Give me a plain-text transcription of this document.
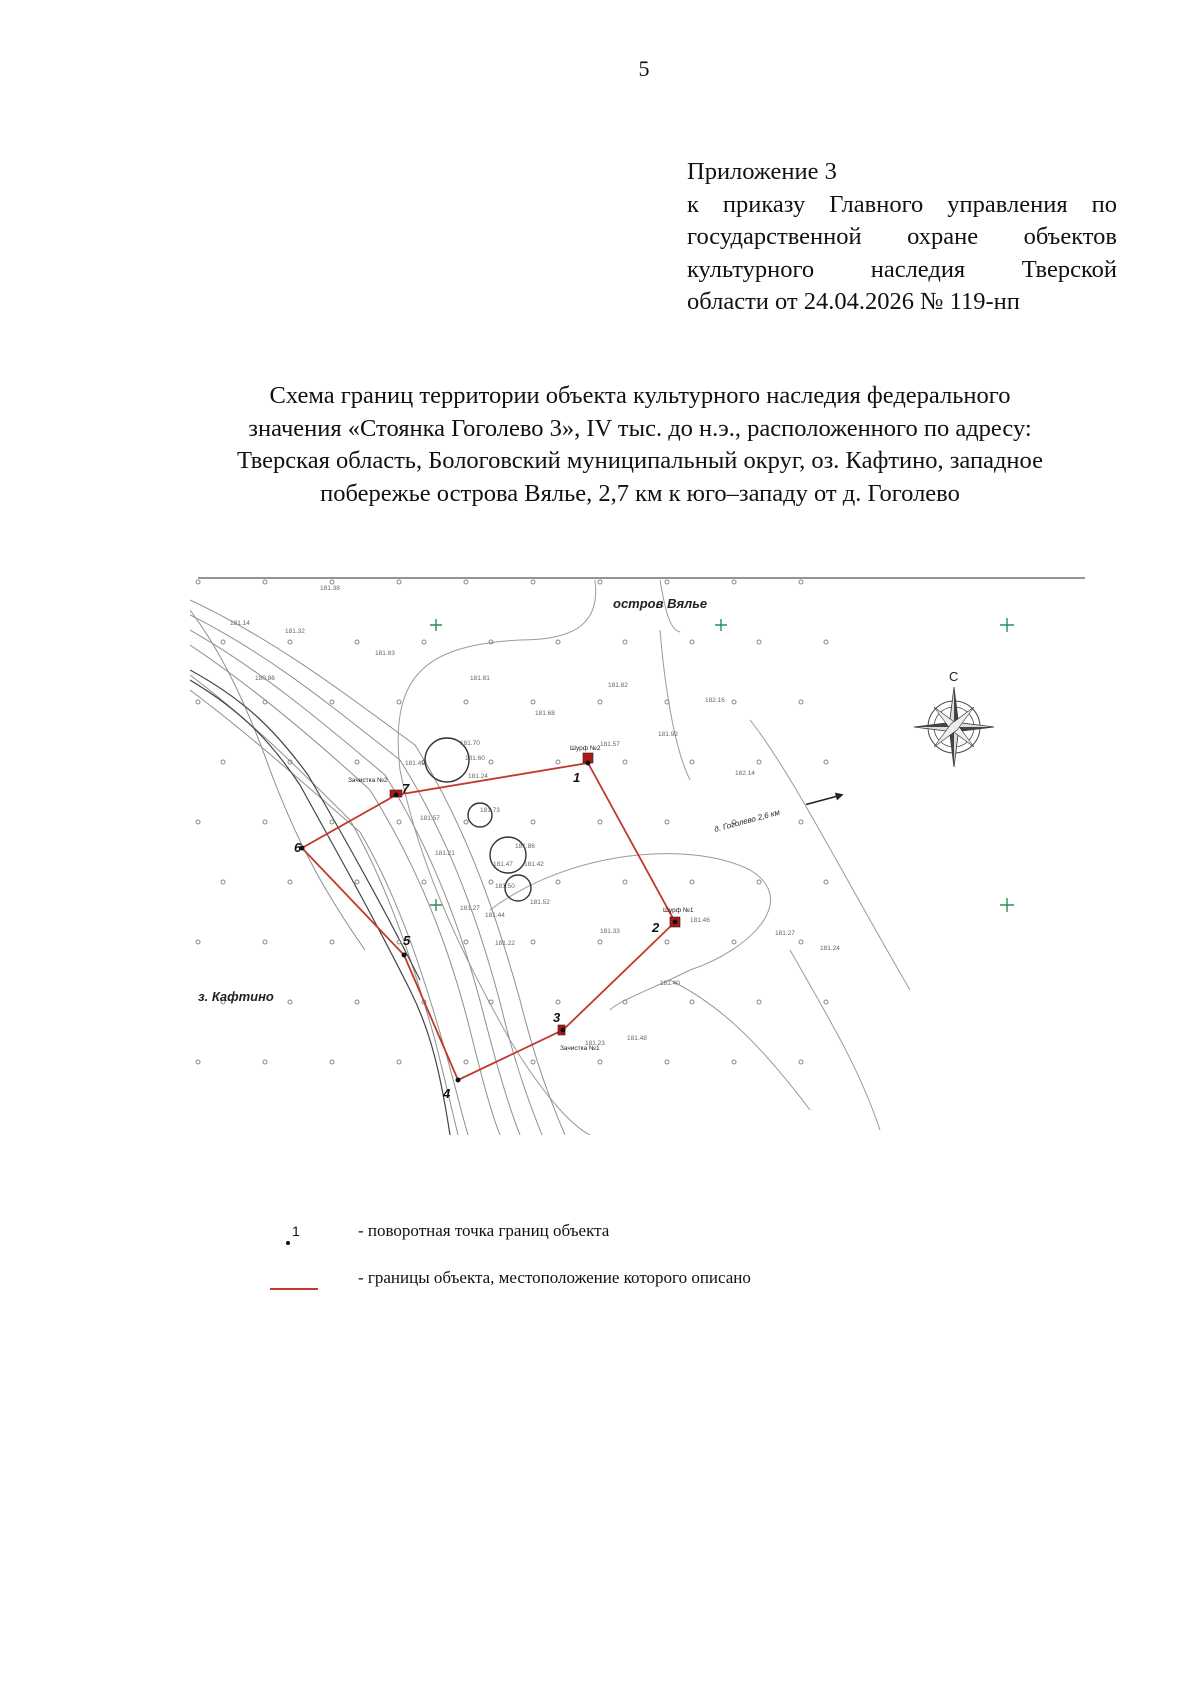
5
Приложение 3
к приказу Главного управления по
государственной охране объектов
культурного наследия Тверской
области от 24.04.2026 № 119-нп
Схема границ территории объекта культурного наследия федерального
значения «Стоянка Гоголево 3», IV тыс. до н.э., расположенного по адресу:
Тверская область, Бологовский муниципальный округ, оз. Кафтино, западное
побережье острова Вялье, 2,7 км к юго–западу от д. Гоголево
181.38
181.14
181.32
181.83
180.86	181.81
181.82
181.68
181.57
181.92
182.16
182.14
181.70
181.60
181.49
181.24
181.73
181.57
181.86
181.47 181.42
181.50
181.52
181.46
181.33
181.40
181.23
181.27
181.24
181.44
181.27
181.48
181.22
181.21
Шурф №2
Шурф №1
Зачистка №1
Зачистка №2	1
2
3
4
5
6
7
остров Вялье
з. Кафтино
д. Гоголево 2,6 км
С
1	- поворотная точка границ объекта
- границы объекта, местоположение которого описано
